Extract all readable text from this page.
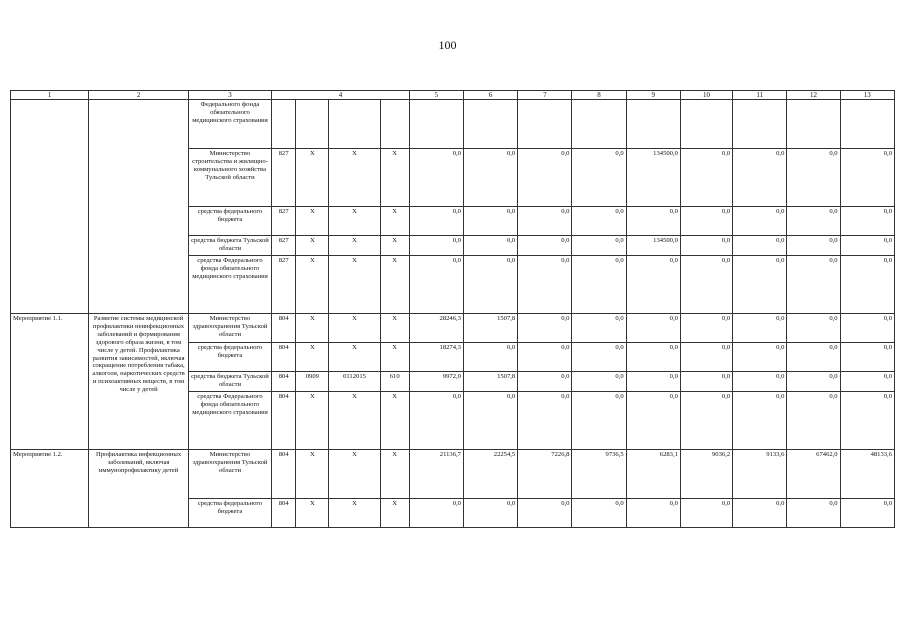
100
1	2	3	4				5	6	7	8	9	10	11	12	13
		Федерального фонда обязательного медицинского страхования													
		Министерство строительства и жилищно-коммунального хозяйства Тульской области	827	X	X	X	0,0	0,0	0,0	0,0	134500,0	0,0	0,0	0,0	0,0
		средства федерального бюджета	827	X	X	X	0,0	0,0	0,0	0,0	0,0	0,0	0,0	0,0	0,0
		средства бюджета Тульской области	827	X	X	X	0,0	0,0	0,0	0,0	134500,0	0,0	0,0	0,0	0,0
		средства Федерального фонда обязательного медицинского страхования	827	X	X	X	0,0	0,0	0,0	0,0	0,0	0,0	0,0	0,0	0,0
Мероприятие 1.1.	Развитие системы медицинской профилактики неинфекционных заболеваний и формирования здорового образа жизни, в том числе у детей. Профилактика развития зависимостей, включая сокращение потребления табака, алкоголя, наркотических средств и психоактивных веществ, в том числе у детей	Министерство здравоохранения Тульской области	804	X	X	X	28246,3	1507,8	0,0	0,0	0,0	0,0	0,0	0,0	0,0
		средства федерального бюджета	804	X	X	X	18274,3	0,0	0,0	0,0	0,0	0,0	0,0	0,0	0,0
		средства бюджета Тульской области	804	0909	0112015	610	9972,0	1507,8	0,0	0,0	0,0	0,0	0,0	0,0	0,0
		средства Федерального фонда обязательного медицинского страхования	804	X	X	X	0,0	0,0	0,0	0,0	0,0	0,0	0,0	0,0	0,0
Мероприятие 1.2.	Профилактика инфекционных заболеваний, включая иммунопрофилактику детей	Министерство здравоохранения Тульской области	804	X	X	X	21136,7	22254,5	7226,8	9736,5	6283,1	9036,2	9133,6	67462,0	48133,6
		средства федерального бюджета	804	X	X	X	0,0	0,0	0,0	0,0	0,0	0,0	0,0	0,0	0,0
